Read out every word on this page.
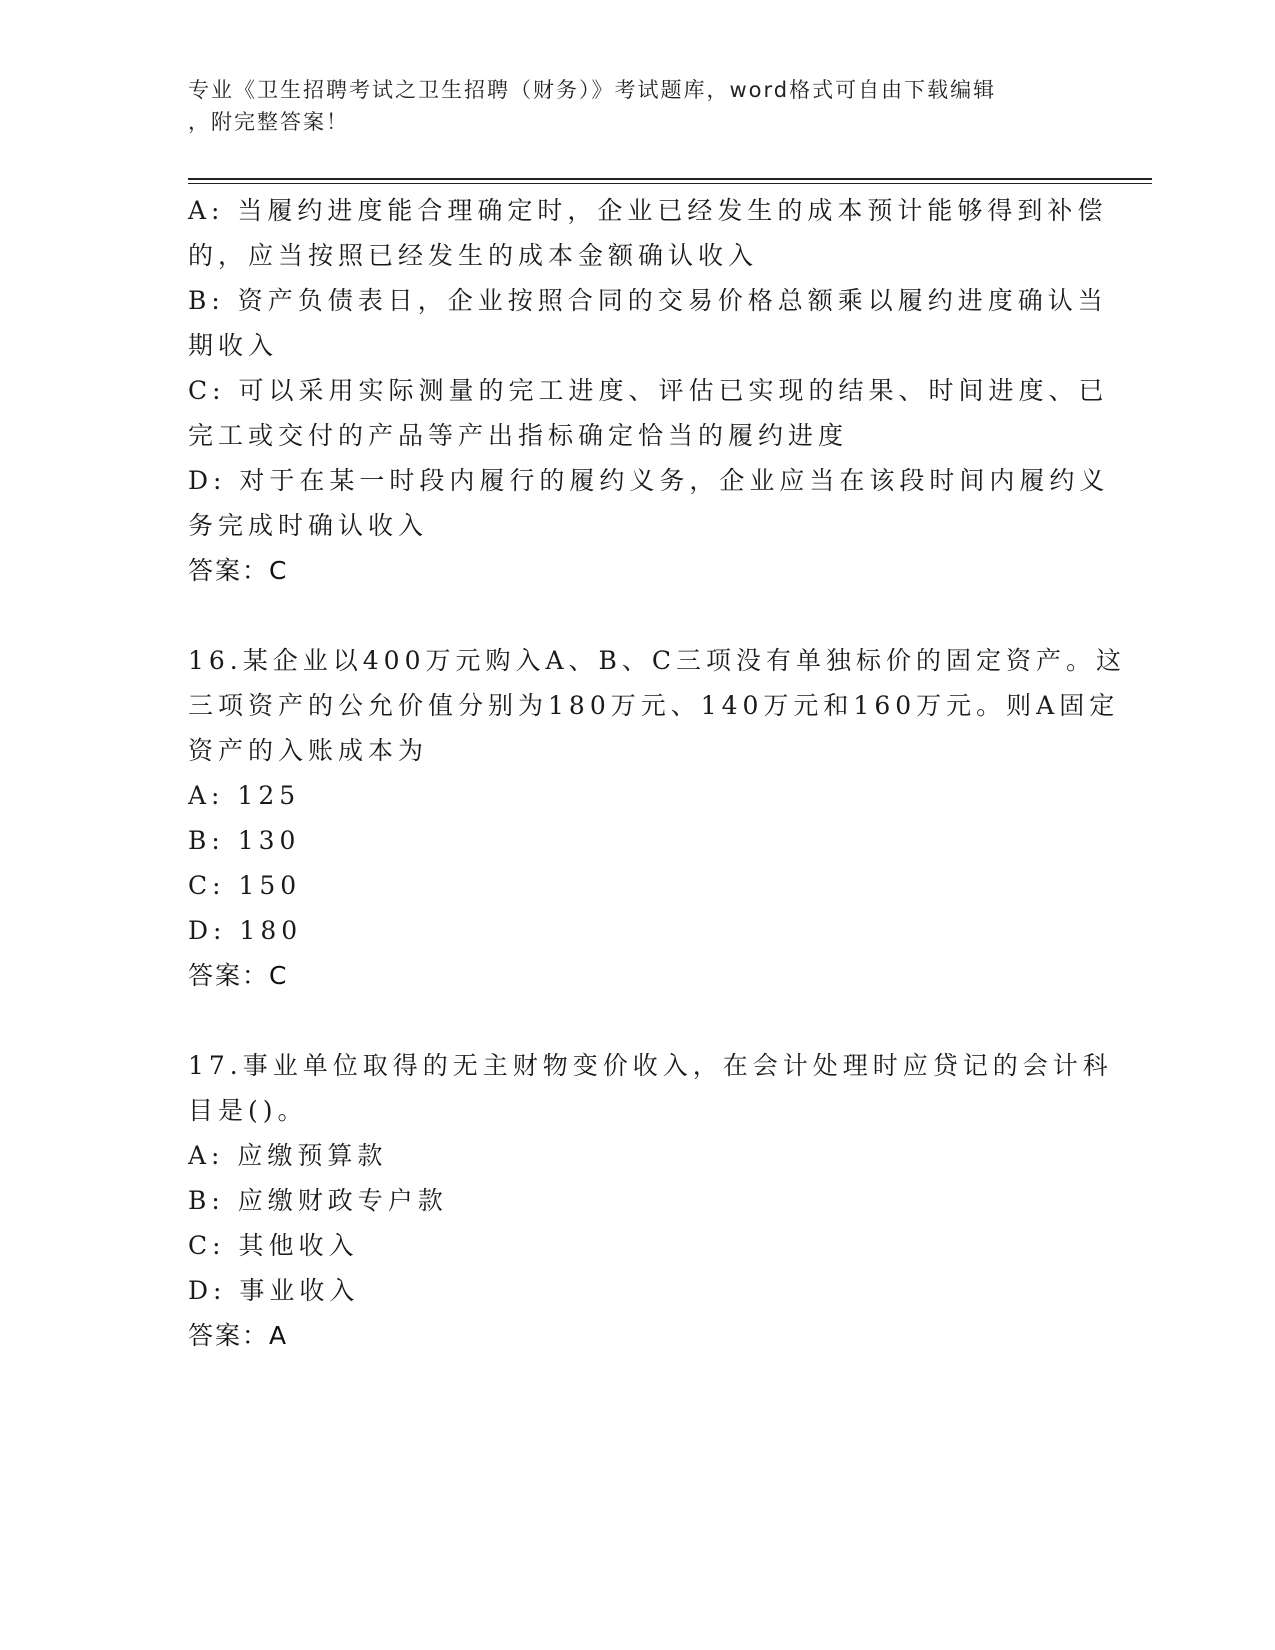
专业《卫生招聘考试之卫生招聘（财务）》考试题库，word格式可自由下载编辑
，附完整答案！
A: 当履约进度能合理确定时，企业已经发生的成本预计能够得到补偿
的，应当按照已经发生的成本金额确认收入
B: 资产负债表日，企业按照合同的交易价格总额乘以履约进度确认当
期收入
C: 可以采用实际测量的完工进度、评估已实现的结果、时间进度、已
完工或交付的产品等产出指标确定恰当的履约进度
D: 对于在某一时段内履行的履约义务，企业应当在该段时间内履约义
务完成时确认收入
答案：C
16.某企业以400万元购入A、B、C三项没有单独标价的固定资产。这
三项资产的公允价值分别为180万元、140万元和160万元。则A固定
资产的入账成本为
A: 125
B: 130
C: 150
D: 180
答案：C
17.事业单位取得的无主财物变价收入，在会计处理时应贷记的会计科
目是()。
A: 应缴预算款
B: 应缴财政专户款
C: 其他收入
D: 事业收入
答案：A
